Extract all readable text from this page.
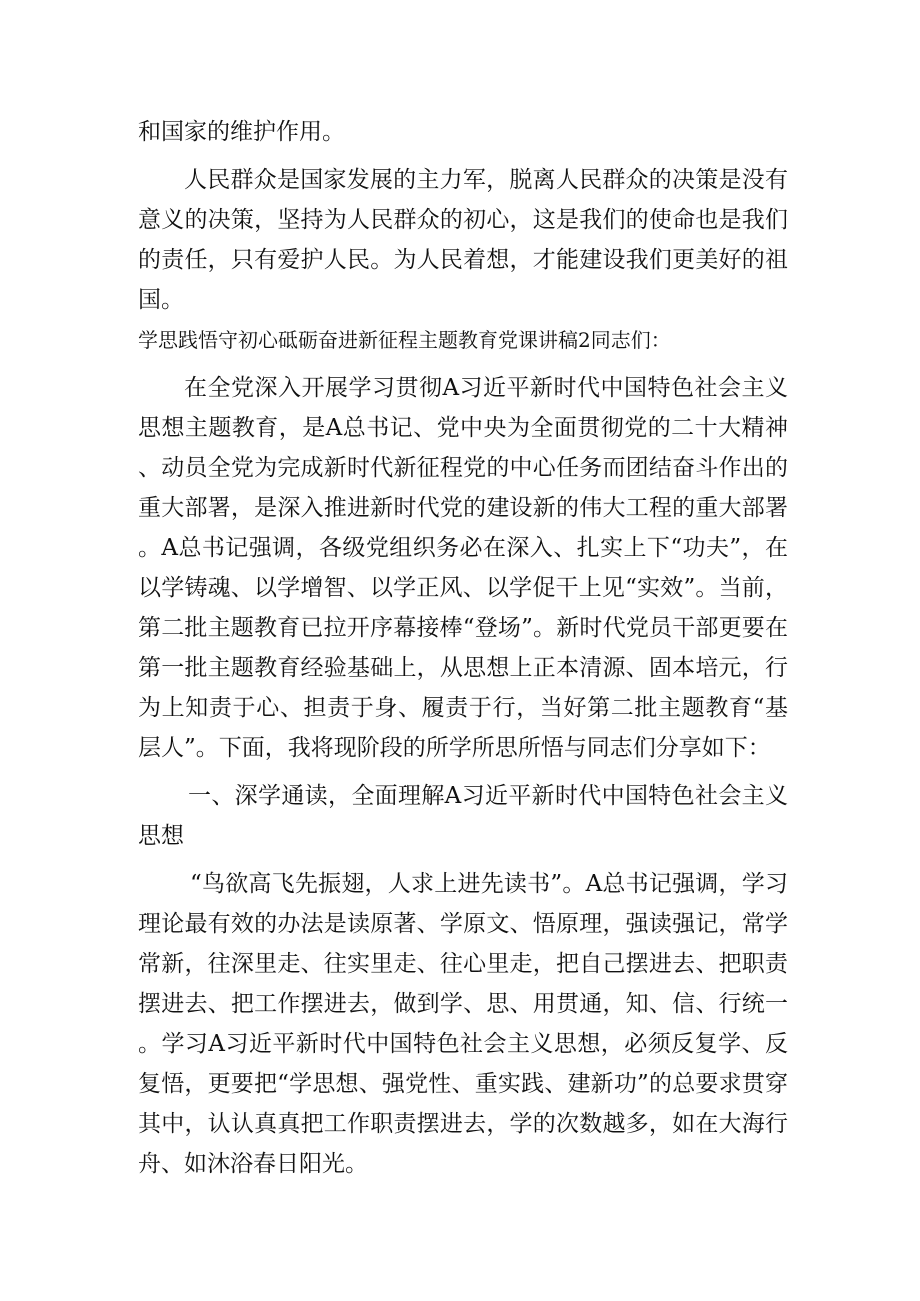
和国家的维护作用。

人民群众是国家发展的主力军，脱离人民群众的决策是没有意义的决策，坚持为人民群众的初心，这是我们的使命也是我们的责任，只有爱护人民。为人民着想，才能建设我们更美好的祖国。

学思践悟守初心砥砺奋进新征程主题教育党课讲稿2同志们：

在全党深入开展学习贯彻A习近平新时代中国特色社会主义思想主题教育，是A总书记、党中央为全面贯彻党的二十大精神、动员全党为完成新时代新征程党的中心任务而团结奋斗作出的重大部署，是深入推进新时代党的建设新的伟大工程的重大部署。A总书记强调，各级党组织务必在深入、扎实上下“功夫”，在以学铸魂、以学增智、以学正风、以学促干上见“实效”。当前，第二批主题教育已拉开序幕接棒“登场”。新时代党员干部更要在第一批主题教育经验基础上，从思想上正本清源、固本培元，行为上知责于心、担责于身、履责于行，当好第二批主题教育“基层人”。下面，我将现阶段的所学所思所悟与同志们分享如下：

一、深学通读，全面理解A习近平新时代中国特色社会主义思想

“鸟欲高飞先振翅，人求上进先读书”。A总书记强调，学习理论最有效的办法是读原著、学原文、悟原理，强读强记，常学常新，往深里走、往实里走、往心里走，把自己摆进去、把职责摆进去、把工作摆进去，做到学、思、用贯通，知、信、行统一。学习A习近平新时代中国特色社会主义思想，必须反复学、反复悟，更要把“学思想、强党性、重实践、建新功”的总要求贯穿其中，认认真真把工作职责摆进去，学的次数越多，如在大海行舟、如沐浴春日阳光。
